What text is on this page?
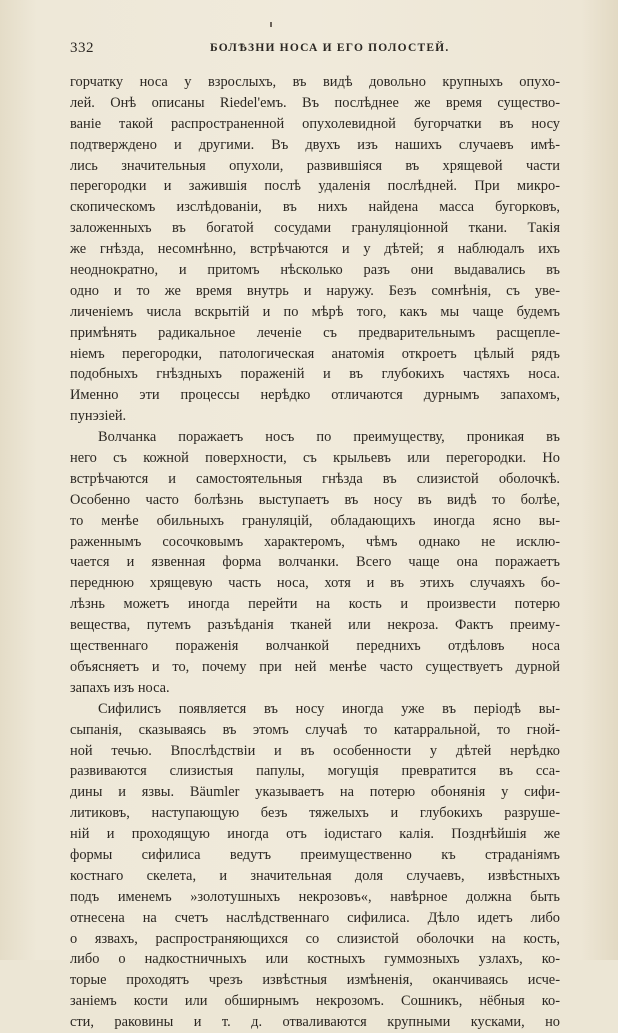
332	БОЛѢЗНИ НОСА И ЕГО ПОЛОСТЕЙ.
горчатку носа у взрослыхъ, въ видѣ довольно крупныхъ опухо-
лей. Онѣ описаны Riedel'емъ. Въ послѣднее же время существо-
ваніе такой распространенной опухолевидной бугорчатки въ носу
подтверждено и другими. Въ двухъ изъ нашихъ случаевъ имѣ-
лись значительныя опухоли, развившіяся въ хрящевой части
перегородки и зажившія послѣ удаленія послѣдней. При микро-
скопическомъ изслѣдованіи, въ нихъ найдена масса бугорковъ,
заложенныхъ въ богатой сосудами грануляціонной ткани. Такія
же гнѣзда, несомнѣнно, встрѣчаются и у дѣтей; я наблюдалъ ихъ
неоднократно, и притомъ нѣсколько разъ они выдавались въ
одно и то же время внутрь и наружу. Безъ сомнѣнія, съ уве-
личеніемъ числа вскрытій и по мѣрѣ того, какъ мы чаще будемъ
примѣнять радикальное леченіе съ предварительнымъ расщепле-
ніемъ перегородки, патологическая анатомія откроетъ цѣлый рядъ
подобныхъ гнѣздныхъ пораженій и въ глубокихъ частяхъ носа.
Именно эти процессы нерѣдко отличаются дурнымъ запахомъ,
пунэзіей.
Волчанка поражаетъ носъ по преимуществу, проникая въ
него съ кожной поверхности, съ крыльевъ или перегородки. Но
встрѣчаются и самостоятельныя гнѣзда въ слизистой оболочкѣ.
Особенно часто болѣзнь выступаетъ въ носу въ видѣ то болѣе,
то менѣе обильныхъ грануляцій, обладающихъ иногда ясно вы-
раженнымъ сосочковымъ характеромъ, чѣмъ однако не исклю-
чается и язвенная форма волчанки. Всего чаще она поражаетъ
переднюю хрящевую часть носа, хотя и въ этихъ случаяхъ бо-
лѣзнь можетъ иногда перейти на кость и произвести потерю
вещества, путемъ разъѣданія тканей или некроза. Фактъ преиму-
щественнаго пораженія волчанкой переднихъ отдѣловъ носа
объясняетъ и то, почему при ней менѣе часто существуетъ дурной
запахъ изъ носа.
Сифилисъ появляется въ носу иногда уже въ періодѣ вы-
сыпанія, сказываясь въ этомъ случаѣ то катарральной, то гной-
ной течью. Впослѣдствіи и въ особенности у дѣтей нерѣдко
развиваются слизистыя папулы, могущія превратится въ сса-
дины и язвы. Bäumler указываетъ на потерю обонянія у сифи-
литиковъ, наступающую безъ тяжелыхъ и глубокихъ разруше-
ній и проходящую иногда отъ іодистаго калія. Позднѣйшія же
формы сифилиса ведутъ преимущественно къ страданіямъ
костнаго скелета, и значительная доля случаевъ, извѣстныхъ
подъ именемъ »золотушныхъ некрозовъ«, навѣрное должна быть
отнесена на счетъ наслѣдственнаго сифилиса. Дѣло идетъ либо
о язвахъ, распространяющихся со слизистой оболочки на кость,
либо о надкостничныхъ или костныхъ гуммозныхъ узлахъ, ко-
торые проходятъ чрезъ извѣстныя измѣненія, оканчиваясь исче-
заніемъ кости или обширнымъ некрозомъ. Сошникъ, нёбныя ко-
сти, раковины и т. д. отваливаются крупными кусками, но
